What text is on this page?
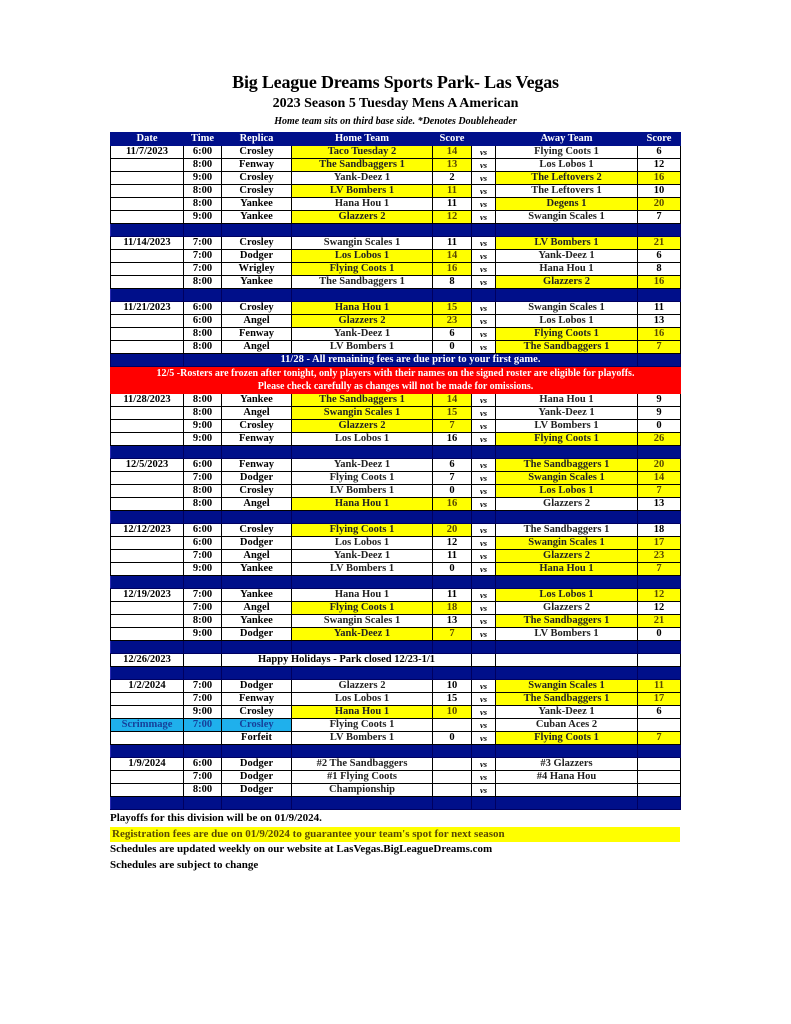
Big League Dreams Sports Park- Las Vegas
2023 Season 5 Tuesday Mens A American
Home team sits on third base side. *Denotes Doubleheader
Date	Time	Replica	Home Team	Score		Away Team	Score
11/7/2023	6:00	Crosley	Taco Tuesday 2	14	vs	Flying Coots 1	6
	8:00	Fenway	The Sandbaggers 1	13	vs	Los Lobos 1	12
	9:00	Crosley	Yank-Deez 1	2	vs	The Leftovers 2	16
	8:00	Crosley	LV Bombers 1	11	vs	The Leftovers 1	10
	8:00	Yankee	Hana Hou 1	11	vs	Degens 1	20
	9:00	Yankee	Glazzers 2	12	vs	Swangin Scales 1	7

11/14/2023	7:00	Crosley	Swangin Scales 1	11	vs	LV Bombers 1	21
	7:00	Dodger	Los Lobos 1	14	vs	Yank-Deez 1	6
	7:00	Wrigley	Flying Coots 1	16	vs	Hana Hou 1	8
	8:00	Yankee	The Sandbaggers 1	8	vs	Glazzers 2	16

11/21/2023	6:00	Crosley	Hana Hou 1	15	vs	Swangin Scales 1	11
	6:00	Angel	Glazzers 2	23	vs	Los Lobos 1	13
	8:00	Fenway	Yank-Deez 1	6	vs	Flying Coots 1	16
	8:00	Angel	LV Bombers 1	0	vs	The Sandbaggers 1	7
	11/28 - All remaining fees are due prior to your first game.						

12/5 -Rosters are frozen after tonight, only players with their names on the signed roster are eligible for playoffs.
Please check carefully as changes will not be made for omissions.							

11/28/2023	8:00	Yankee	The Sandbaggers 1	14	vs	Hana Hou 1	9
	8:00	Angel	Swangin Scales 1	15	vs	Yank-Deez 1	9
	9:00	Crosley	Glazzers 2	7	vs	LV Bombers 1	0
	9:00	Fenway	Los Lobos 1	16	vs	Flying Coots 1	26

12/5/2023	6:00	Fenway	Yank-Deez 1	6	vs	The Sandbaggers 1	20
	7:00	Dodger	Flying Coots 1	7	vs	Swangin Scales 1	14
	8:00	Crosley	LV Bombers 1	0	vs	Los Lobos 1	7
	8:00	Angel	Hana Hou 1	16	vs	Glazzers 2	13

12/12/2023	6:00	Crosley	Flying Coots 1	20	vs	The Sandbaggers 1	18
	6:00	Dodger	Los Lobos 1	12	vs	Swangin Scales 1	17
	7:00	Angel	Yank-Deez 1	11	vs	Glazzers 2	23
	9:00	Yankee	LV Bombers 1	0	vs	Hana Hou 1	7

12/19/2023	7:00	Yankee	Hana Hou 1	11	vs	Los Lobos 1	12
	7:00	Angel	Flying Coots 1	18	vs	Glazzers 2	12
	8:00	Yankee	Swangin Scales 1	13	vs	The Sandbaggers 1	21
	9:00	Dodger	Yank-Deez 1	7	vs	LV Bombers 1	0

12/26/2023		Happy Holidays - Park closed 12/23-1/1					

1/2/2024	7:00	Dodger	Glazzers 2	10	vs	Swangin Scales 1	11
	7:00	Fenway	Los Lobos 1	15	vs	The Sandbaggers 1	17
	9:00	Crosley	Hana Hou 1	10	vs	Yank-Deez 1	6
Scrimmage	7:00	Crosley	Flying Coots 1		vs	Cuban Aces 2	
		Forfeit	LV Bombers 1	0	vs	Flying Coots 1	7

1/9/2024	6:00	Dodger	#2 The Sandbaggers		vs	#3 Glazzers	
	7:00	Dodger	#1 Flying Coots		vs	#4 Hana Hou	
	8:00	Dodger	Championship		vs		

Playoffs for this division will be on 01/9/2024.
Registration fees are due on 01/9/2024 to guarantee your team's spot for next season
Schedules are updated weekly on our website at LasVegas.BigLeagueDreams.com
Schedules are subject to change
